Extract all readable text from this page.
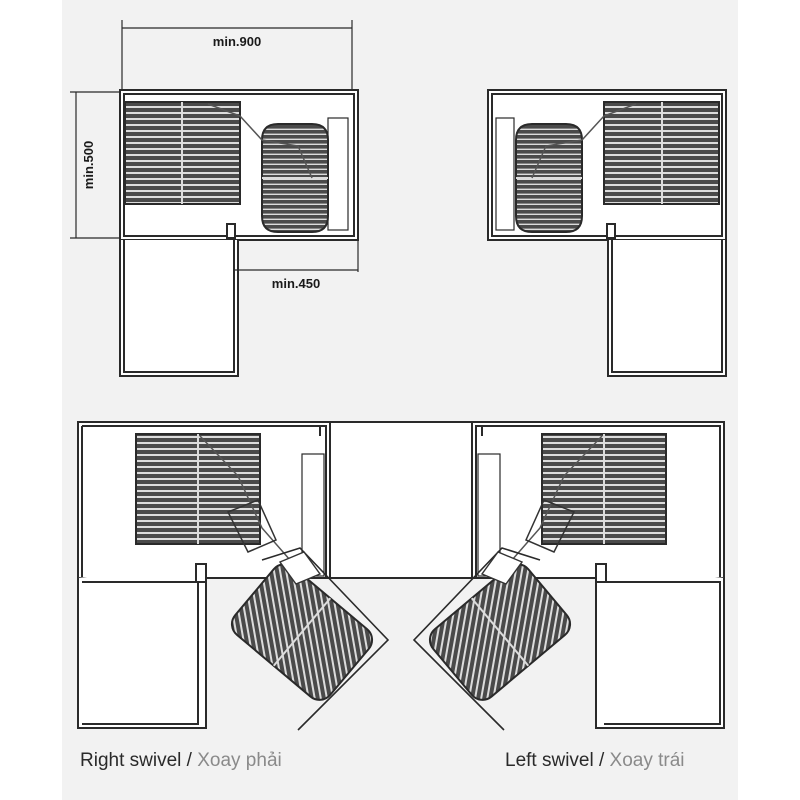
min.900
min.500
min.450
Right swivel / Xoay phải	Left swivel / Xoay trái
